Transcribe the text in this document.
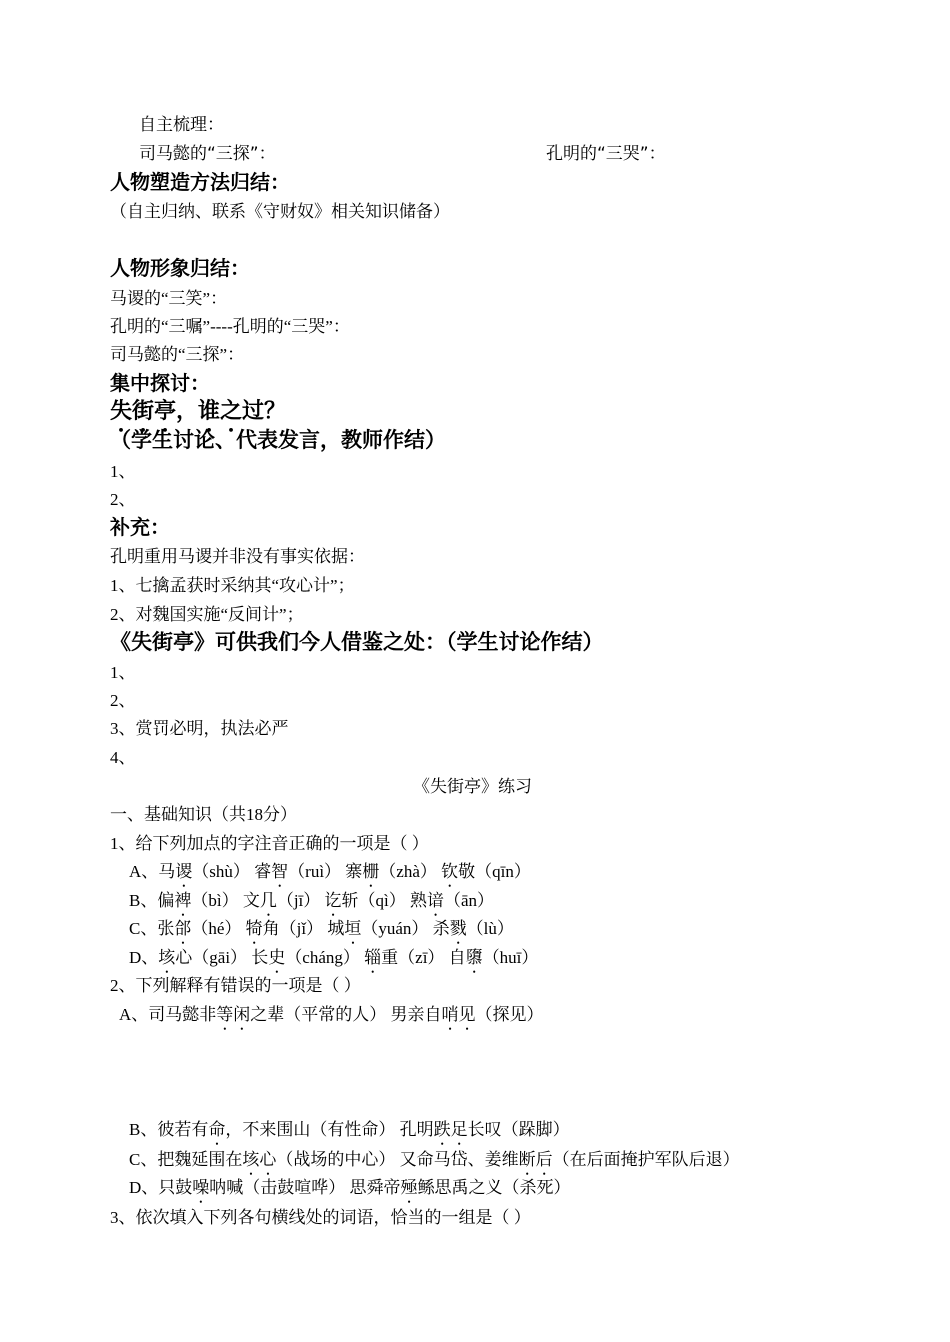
自主梳理：
司马懿的“三探”：	孔明的“三哭”：
人物塑造方法归结：
（自主归纳、联系《守财奴》相关知识储备）
人物形象归结：
马谡的“三笑”：
孔明的“三嘱”----孔明的“三哭”：
司马懿的“三探”：
集中探讨：
失街亭，谁之过？
（学生讨论、代表发言，教师作结）
1、
2、
补充：
孔明重用马谡并非没有事实依据：
1、七擒孟获时采纳其“攻心计”；
2、对魏国实施“反间计”；
《失街亭》可供我们今人借鉴之处：（学生讨论作结）
1、
2、
3、赏罚必明，执法必严
4、
《失街亭》练习
一、基础知识（共18分）
1、给下列加点的字注音正确的一项是（ ）
A、马谡（shù） 睿智（ruì） 寨栅（zhà） 钦敬（qīn）
B、偏裨（bì） 文几（jī） 讫斩（qì） 熟谙（ān）
C、张郃（hé） 犄角（jǐ） 城垣（yuán） 杀戮（lù）
D、垓心（gāi） 长史（cháng） 辎重（zī） 自隳（huī）
2、下列解释有错误的一项是（ ）
A、司马懿非等闲之辈（平常的人） 男亲自哨见（探见）
B、彼若有命，不来围山（有性命） 孔明跌足长叹（跺脚）
C、把魏延围在垓心（战场的中心） 又命马岱、姜维断后（在后面掩护军队后退）
D、只鼓噪呐喊（击鼓喧哗） 思舜帝殛鲧思禹之义（杀死）
3、依次填入下列各句横线处的词语，恰当的一组是（ ）
